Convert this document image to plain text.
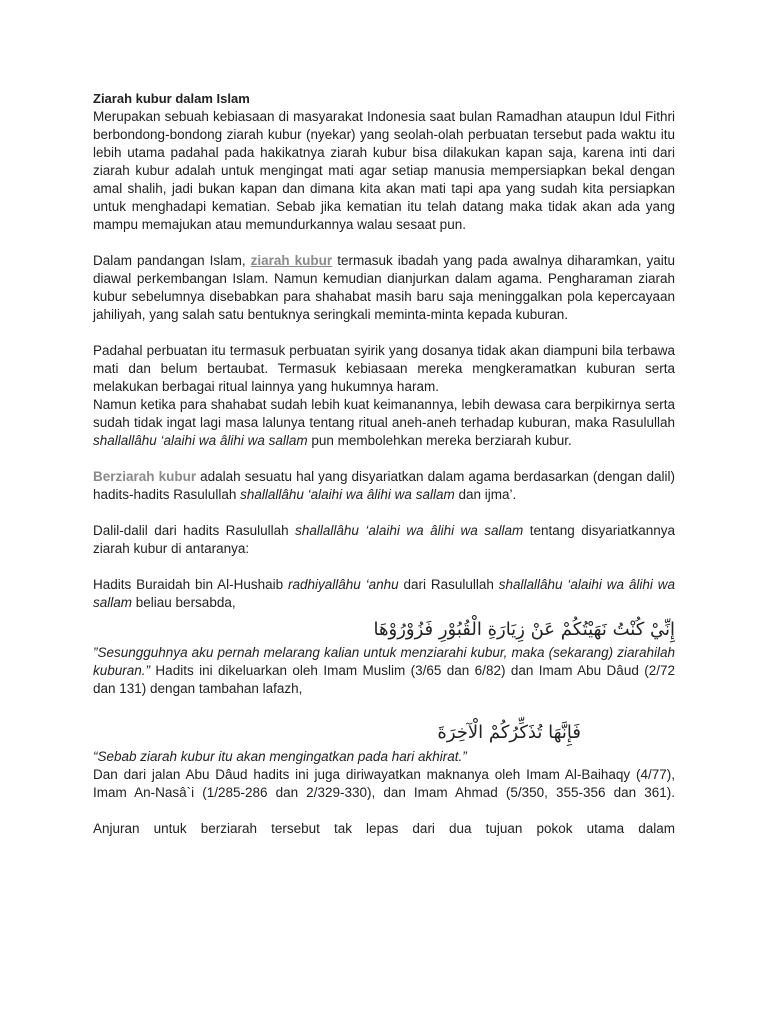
Ziarah kubur dalam Islam

Merupakan sebuah kebiasaan di masyarakat Indonesia saat bulan Ramadhan ataupun Idul Fithri berbondong-bondong ziarah kubur (nyekar) yang seolah-olah perbuatan tersebut pada waktu itu lebih utama padahal pada hakikatnya ziarah kubur bisa dilakukan kapan saja, karena inti dari ziarah kubur adalah untuk mengingat mati agar setiap manusia mempersiapkan bekal dengan amal shalih, jadi bukan kapan dan dimana kita akan mati tapi apa yang sudah kita persiapkan untuk menghadapi kematian. Sebab jika kematian itu telah datang maka tidak akan ada yang mampu memajukan atau memundurkannya walau sesaat pun.

Dalam pandangan Islam, ziarah kubur termasuk ibadah yang pada awalnya diharamkan, yaitu diawal perkembangan Islam. Namun kemudian dianjurkan dalam agama. Pengharaman ziarah kubur sebelumnya disebabkan para shahabat masih baru saja meninggalkan pola kepercayaan jahiliyah, yang salah satu bentuknya seringkali meminta-minta kepada kuburan.

Padahal perbuatan itu termasuk perbuatan syirik yang dosanya tidak akan diampuni bila terbawa mati dan belum bertaubat. Termasuk kebiasaan mereka mengkeramatkan kuburan serta melakukan berbagai ritual lainnya yang hukumnya haram.

Namun ketika para shahabat sudah lebih kuat keimanannya, lebih dewasa cara berpikirnya serta sudah tidak ingat lagi masa lalunya tentang ritual aneh-aneh terhadap kuburan, maka Rasulullah shallallâhu ‘alaihi wa âlihi wa sallam pun membolehkan mereka berziarah kubur.

Berziarah kubur adalah sesuatu hal yang disyariatkan dalam agama berdasarkan (dengan dalil) hadits-hadits Rasulullah shallallâhu ‘alaihi wa âlihi wa sallam dan ijma’.

Dalil-dalil dari hadits Rasulullah shallallâhu ‘alaihi wa âlihi wa sallam tentang disyariatkannya ziarah kubur di antaranya:

Hadits Buraidah bin Al-Hushaib radhiyallâhu ‘anhu dari Rasulullah shallallâhu ‘alaihi wa âlihi wa sallam beliau bersabda,

إِنِّيْ كُنْتُ نَهَيْتُكُمْ عَنْ زِيَارَةِ الْقُبُوْرِ فَزُوْرُوْهَا

”Sesungguhnya aku pernah melarang kalian untuk menziarahi kubur, maka (sekarang) ziarahilah kuburan.” Hadits ini dikeluarkan oleh Imam Muslim (3/65 dan 6/82) dan Imam Abu Dâud (2/72 dan 131) dengan tambahan lafazh,

فَإِنَّهَا تُذَكِّرُكُمْ الْآخِرَةَ

“Sebab ziarah kubur itu akan mengingatkan pada hari akhirat.”

Dan dari jalan Abu Dâud hadits ini juga diriwayatkan maknanya oleh Imam Al-Baihaqy (4/77), Imam An-Nasâ`i (1/285-286 dan 2/329-330), dan Imam Ahmad (5/350, 355-356 dan 361).

Anjuran untuk berziarah tersebut tak lepas dari dua tujuan pokok utama dalam
